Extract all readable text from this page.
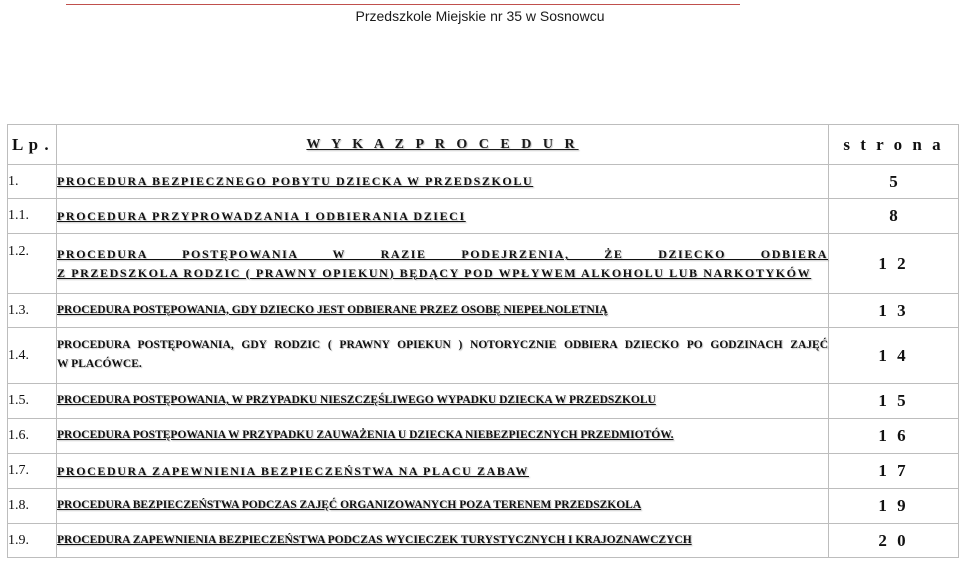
Przedszkole Miejskie nr 35 w Sosnowcu
L p .	W Y K A Z P R O C E D U R	s t r o n a
1.	PROCEDURA BEZPIECZNEGO POBYTU DZIECKA W PRZEDSZKOLU	5
1.1.	PROCEDURA PRZYPROWADZANIA I ODBIERANIA DZIECI	8
1.2.	PROCEDURA POSTĘPOWANIA W RAZIE PODEJRZENIA, ŻE DZIECKO ODBIERA
Z PRZEDSZKOLA RODZIC ( PRAWNY OPIEKUN) BĘDĄCY POD WPŁYWEM ALKOHOLU LUB NARKOTYKÓW	1 2
1.3.	PROCEDURA POSTĘPOWANIA, GDY DZIECKO JEST ODBIERANE PRZEZ OSOBĘ NIEPEŁNOLETNIĄ	1 3
1.4.	PROCEDURA POSTĘPOWANIA, GDY RODZIC ( PRAWNY OPIEKUN ) NOTORYCZNIE ODBIERA DZIECKO PO GODZINACH ZAJĘĆ
W PLACÓWCE.	1 4
1.5.	PROCEDURA POSTĘPOWANIA, W PRZYPADKU NIESZCZĘŚLIWEGO WYPADKU DZIECKA W PRZEDSZKOLU	1 5
1.6.	PROCEDURA POSTĘPOWANIA W PRZYPADKU ZAUWAŻENIA U DZIECKA NIEBEZPIECZNYCH PRZEDMIOTÓW.	1 6
1.7.	PROCEDURA ZAPEWNIENIA BEZPIECZEŃSTWA NA PLACU ZABAW	1 7
1.8.	PROCEDURA BEZPIECZEŃSTWA PODCZAS ZAJĘĆ ORGANIZOWANYCH POZA TERENEM PRZEDSZKOLA	1 9
1.9.	PROCEDURA ZAPEWNIENIA BEZPIECZEŃSTWA PODCZAS WYCIECZEK TURYSTYCZNYCH I KRAJOZNAWCZYCH	2 0
